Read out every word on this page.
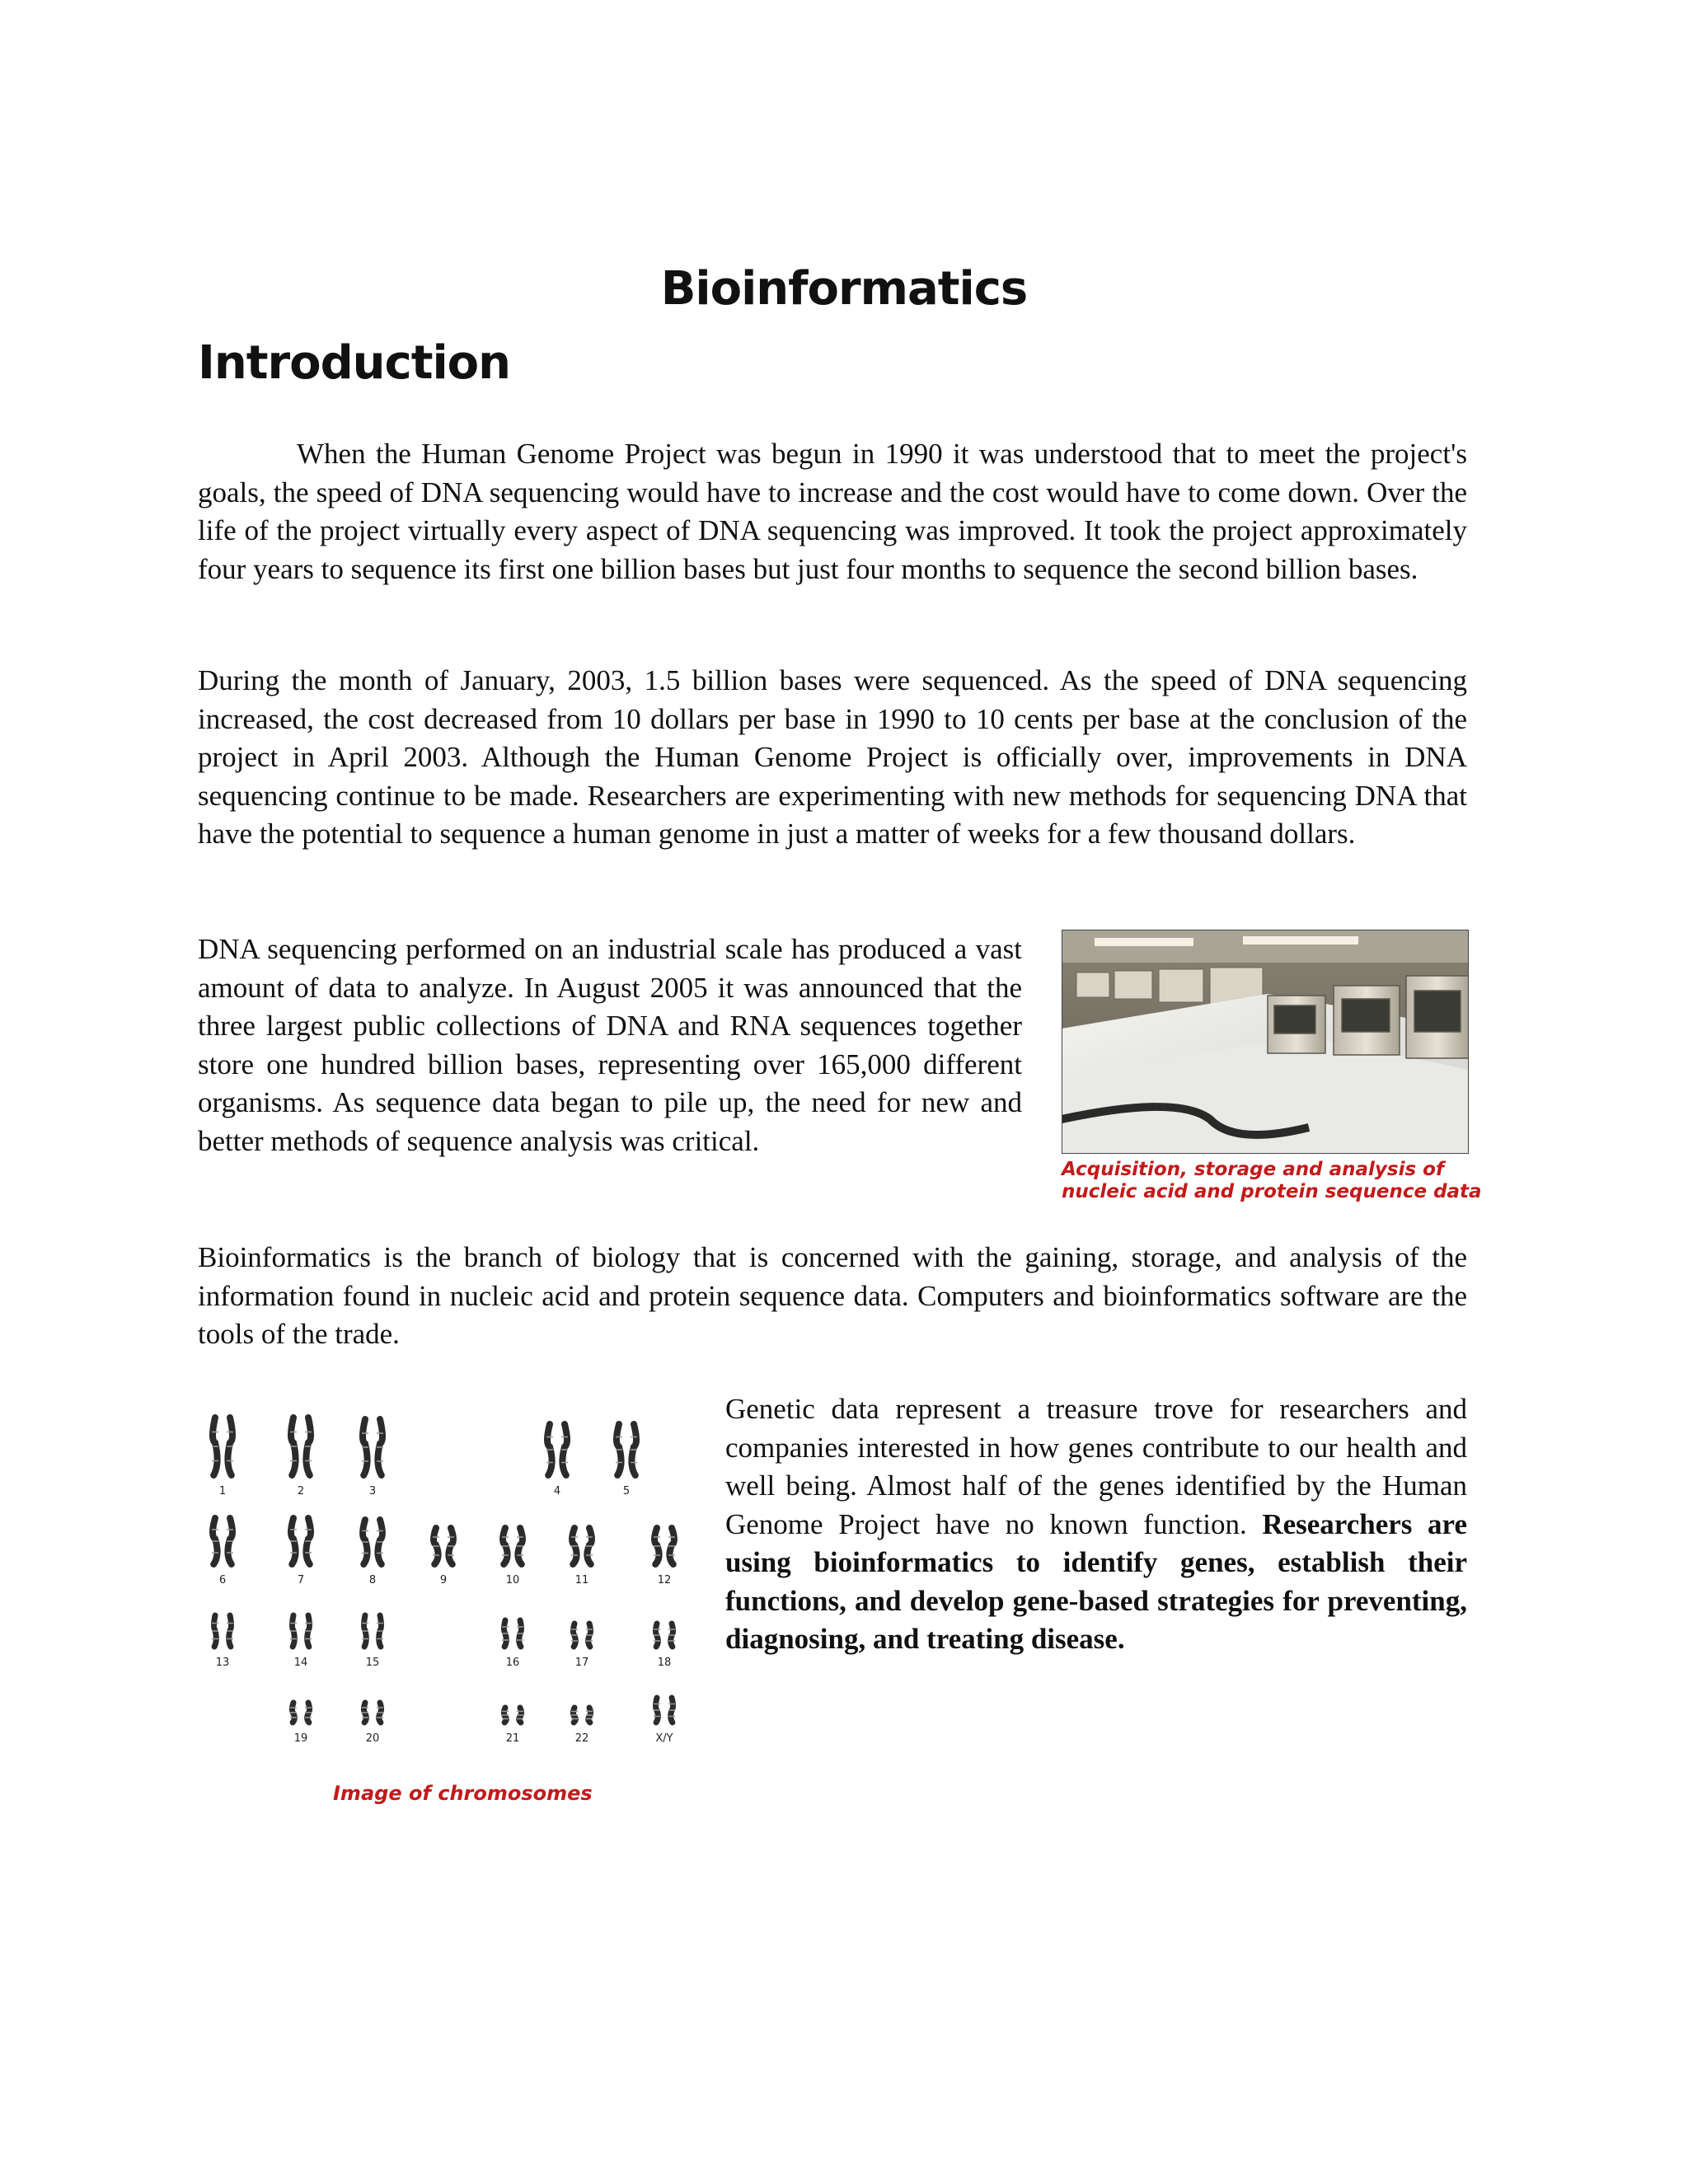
Bioinformatics
Introduction
When the Human Genome Project was begun in 1990 it was understood that to meet the project's goals, the speed of DNA sequencing would have to increase and the cost would have to come down. Over the life of the project virtually every aspect of DNA sequencing was improved. It took the project approximately four years to sequence its first one billion bases but just four months to sequence the second billion bases.
During the month of January, 2003, 1.5 billion bases were sequenced. As the speed of DNA sequencing increased, the cost decreased from 10 dollars per base in 1990 to 10 cents per base at the conclusion of the project in April 2003. Although the Human Genome Project is officially over, improvements in DNA sequencing continue to be made. Researchers are experimenting with new methods for sequencing DNA that have the potential to sequence a human genome in just a matter of weeks for a few thousand dollars.
DNA sequencing performed on an industrial scale has produced a vast amount of data to analyze. In August 2005 it was announced that the three largest public collections of DNA and RNA sequences together store one hundred billion bases, representing over 165,000 different organisms. As sequence data began to pile up, the need for new and better methods of sequence analysis was critical.
Acquisition, storage and analysis of
nucleic acid and protein sequence data
Bioinformatics is the branch of biology that is concerned with the gaining, storage, and analysis of the information found in nucleic acid and protein sequence data. Computers and bioinformatics software are the tools of the trade.
1	2	3	4	5
6	7	8	9	10	11	12
13	14	15	16	17	18
19	20	21	22	X/Y
Image of chromosomes
Genetic data represent a treasure trove for researchers and companies interested in how genes contribute to our health and well being. Almost half of the genes identified by the Human Genome Project have no known function. Researchers are using bioinformatics to identify genes, establish their functions, and develop gene-based strategies for preventing, diagnosing, and treating disease.
